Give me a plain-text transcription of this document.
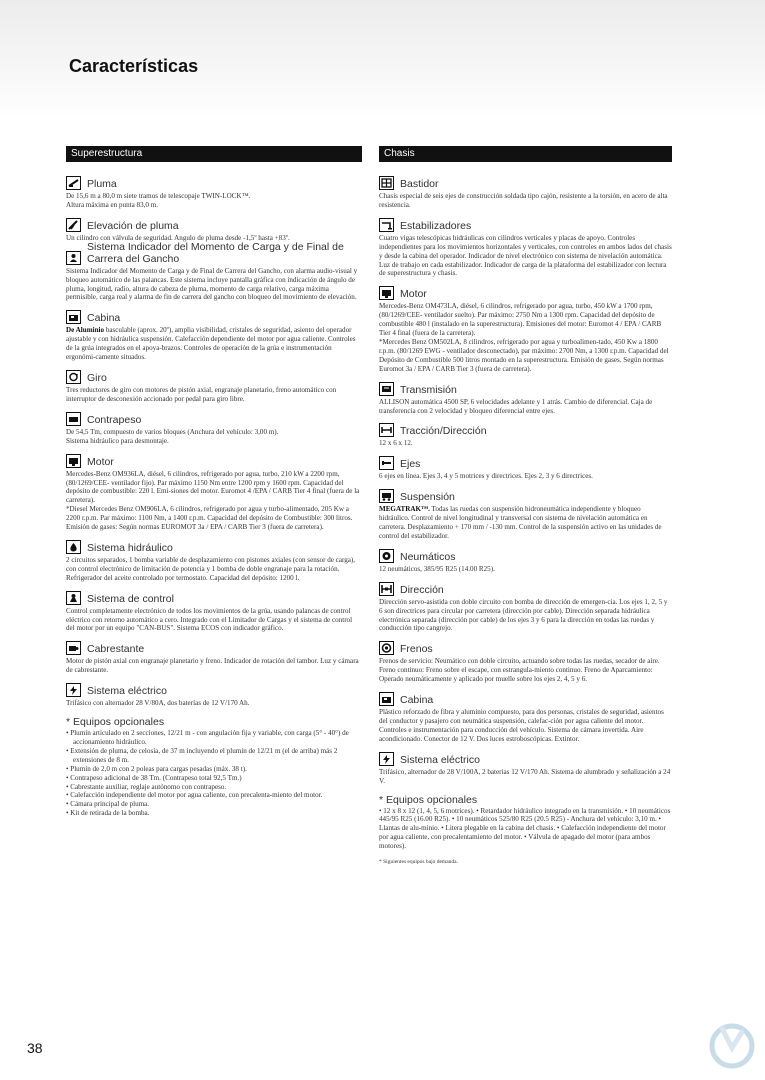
Características
Superestructura
Pluma
De 15,6 m a 80,0 m siete tramos de telescopaje TWIN-LOCK™.
Altura máxima en punta 83,0 m.
Elevación de pluma
Un cilindro con válvula de seguridad. Angulo de pluma desde -1,5º hasta +83º.
Sistema Indicador del Momento de Carga y de Final de Carrera del Gancho
Sistema Indicador del Momento de Carga y de Final de Carrera del Gancho, con alarma audio-visual y bloqueo automático de las palancas. Este sistema incluye pantalla gráfica con indicación de ángulo de pluma, longitud, radio, altura de cabeza de pluma, momento de carga relativo, carga máxima permisible, carga real y alarma de fin de carrera del gancho con bloqueo del movimiento de elevación.
Cabina
De Aluminio basculable (aprox. 20º), amplia visibilidad, cristales de seguridad, asiento del operador ajustable y con hidráulica suspensión. Calefacción dependiente del motor por agua caliente. Controles de la grúa integrados en el apoya-brazos. Controles de operación de la grúa e instrumentación ergonómi-camente situados.
Giro
Tres reductores de giro con motores de pistón axial, engranaje planetario, freno automático con interruptor de desconexión accionado por pedal para giro libre.
Contrapeso
De 54,5 Tm, compuesto de varios bloques (Anchura del vehículo: 3,00 m).
Sistema hidráulico para desmontaje.
Motor
Mercedes-Benz OM936LA, diésel, 6 cilindros, refrigerado por agua, turbo, 210 kW a 2200 rpm, (80/1269/CEE- ventilador fijo). Par máximo 1150 Nm entre 1200 rpm y 1600 rpm. Capacidad del depósito de combustible: 220 l. Emi-siones del motor. Euromot 4 /EPA / CARB Tier 4 final (fuera de la carretera).
*Diesel Mercedes Benz OM906LA, 6 cilindros, refrigerado por agua y turbo-alimentado, 205 Kw a 2200 r.p.m. Par máximo: 1100 Nm, a 1400 r.p.m. Capacidad del depósito de Combustible: 300 litros. Emisión de gases: Según normas EUROMOT 3a / EPA / CARB Tier 3 (fuera de carretera).
Sistema hidráulico
2 circuitos separados, 1 bomba variable de desplazamiento con pistones axiales (con sensor de carga), con control electrónico de limitación de potencia y 1 bomba de doble engranaje para la rotación. Refrigerador del aceite controlado por termostato. Capacidad del depósito: 1200 l.
Sistema de control
Control completamente electrónico de todos los movimientos de la grúa, usando palancas de control eléctrico con retorno automático a cero. Integrado con el Limitador de Cargas y el sistema de control del motor por un equipo "CAN-BUS". Sistema ECOS con indicador gráfico.
Cabrestante
Motor de pistón axial con engranaje planetario y freno. Indicador de rotación del tambor. Luz y cámara de cabrestante.
Sistema eléctrico
Trifásico con alternador 28 V/80A, dos baterías de 12 V/170 Ah.
* Equipos opcionales
• Plumín articulado en 2 secciones, 12/21 m - con angulación fija y variable, con carga (5° - 40°) de accionamiento hidráulico.
• Extensión de pluma, de celosía, de 37 m incluyendo el plumín de 12/21 m (el de arriba) más 2 extensiones de 8 m.
• Plumín de 2,0 m con 2 poleas para cargas pesadas (máx. 38 t).
• Contrapeso adicional de 38 Tm. (Contrapeso total 92,5 Tm.)
• Cabrestante auxiliar, reglaje autónomo con contrapeso.
• Calefacción independiente del motor por agua caliente, con precalenta-miento del motor.
• Cámara principal de pluma.
• Kit de retirada de la bomba.
Chasis
Bastidor
Chasis especial de seis ejes de construcción soldada tipo cajón, resistente a la torsión, en acero de alta resistencia.
Estabilizadores
Cuatro vigas telescópicas hidráulicas con cilindros verticales y placas de apoyo. Controles independientes para los movimientos horizontales y verticales, con controles en ambos lados del chasis y desde la cabina del operador. Indicador de nivel electrónico con sistema de nivelación automática. Luz de trabajo en cada estabilizador. Indicador de carga de la plataforma del estabilizador con lectura de superestructura y chasis.
Motor
Mercedes-Benz OM473LA, diésel, 6 cilindros, refrigerado por agua, turbo, 450 kW a 1700 rpm, (80/1269/CEE- ventilador suelto). Par máximo: 2750 Nm a 1300 rpm. Capacidad del depósito de combustible 480 l (instalado en la superestructura). Emisiones del motor: Euromot 4 / EPA / CARB Tier 4 final (fuera de la carretera).
*Mercedes Benz OM502LA, 8 cilindros, refrigerado por agua y turboalimen-tado, 450 Kw a 1800 r.p.m. (80/1269 EWG - ventilador desconectado), par máximo: 2700 Nm, a 1300 r.p.m. Capacidad del Depósito de Combustible 500 litros montado en la superestructura. Emisión de gases. Según normas Euromot 3a / EPA / CARB Tier 3 (fuera de carretera).
Transmisión
ALLISON automática 4500 SP, 6 velocidades adelante y 1 atrás. Cambio de diferencial. Caja de transferencia con 2 velocidad y bloqueo diferencial entre ejes.
Tracción/Dirección
12 x 6 x 12.
Ejes
6 ejes en línea. Ejes 3, 4 y 5 motrices y directrices. Ejes 2, 3 y 6 directrices.
Suspensión
MEGATRAK™. Todas las ruedas con suspensión hidroneumática independiente y bloqueo hidráulico. Control de nivel longitudinal y transversal con sistema de nivelación automática en carretera. Desplazamiento + 170 mm / -130 mm. Control de la suspensión activo en las unidades de control del estabilizador.
Neumáticos
12 neumáticos, 385/95 R25 (14.00 R25).
Dirección
Dirección servo-asistida con doble circuito con bomba de dirección de emergen-cia. Los ejes 1, 2, 5 y 6 son directrices para circular por carretera (dirección por cable). Dirección separada hidráulica electrónica separada (dirección por cable) de los ejes 3 y 6 para la dirección en todas las ruedas y conducción tipo cangrejo.
Frenos
Frenos de servicio: Neumático con doble circuito, actuando sobre todas las ruedas, secador de aire. Freno continuo: Freno sobre el escape, con estrangula-miento continuo. Freno de Aparcamiento: Operado neumáticamente y aplicado por muelle sobre los ejes 2, 4, 5 y 6.
Cabina
Plástico reforzado de fibra y aluminio compuesto, para dos personas, cristales de seguridad, asientos del conductor y pasajero con neumática suspensión, calefac-ción por agua caliente del motor. Controles e instrumentación para conducción del vehículo. Sistema de cámara invertida. Aire acondicionado. Conector de 12 V. Dos luces estroboscópicas. Extintor.
Sistema eléctrico
Trifásico, alternador de 28 V/100A, 2 baterías 12 V/170 Ah. Sistema de alumbrado y señalización a 24 V.
* Equipos opcionales
• 12 x 8 x 12 (1, 4, 5, 6 motrices). • Retardador hidráulico integrado en la transmisión. • 10 neumáticos 445/95 R25 (16.00 R25). • 10 neumáticos 525/80 R25 (20.5 R25) - Anchura del vehículo: 3,10 m. • Llantas de alu-minio. • Litera plegable en la cabina del chasis. • Calefacción independiente del motor por agua caliente, con precalentamiento del motor. • Válvula de apagado del motor (para ambos motores).
* Siguientes equipos bajo demanda.
38
